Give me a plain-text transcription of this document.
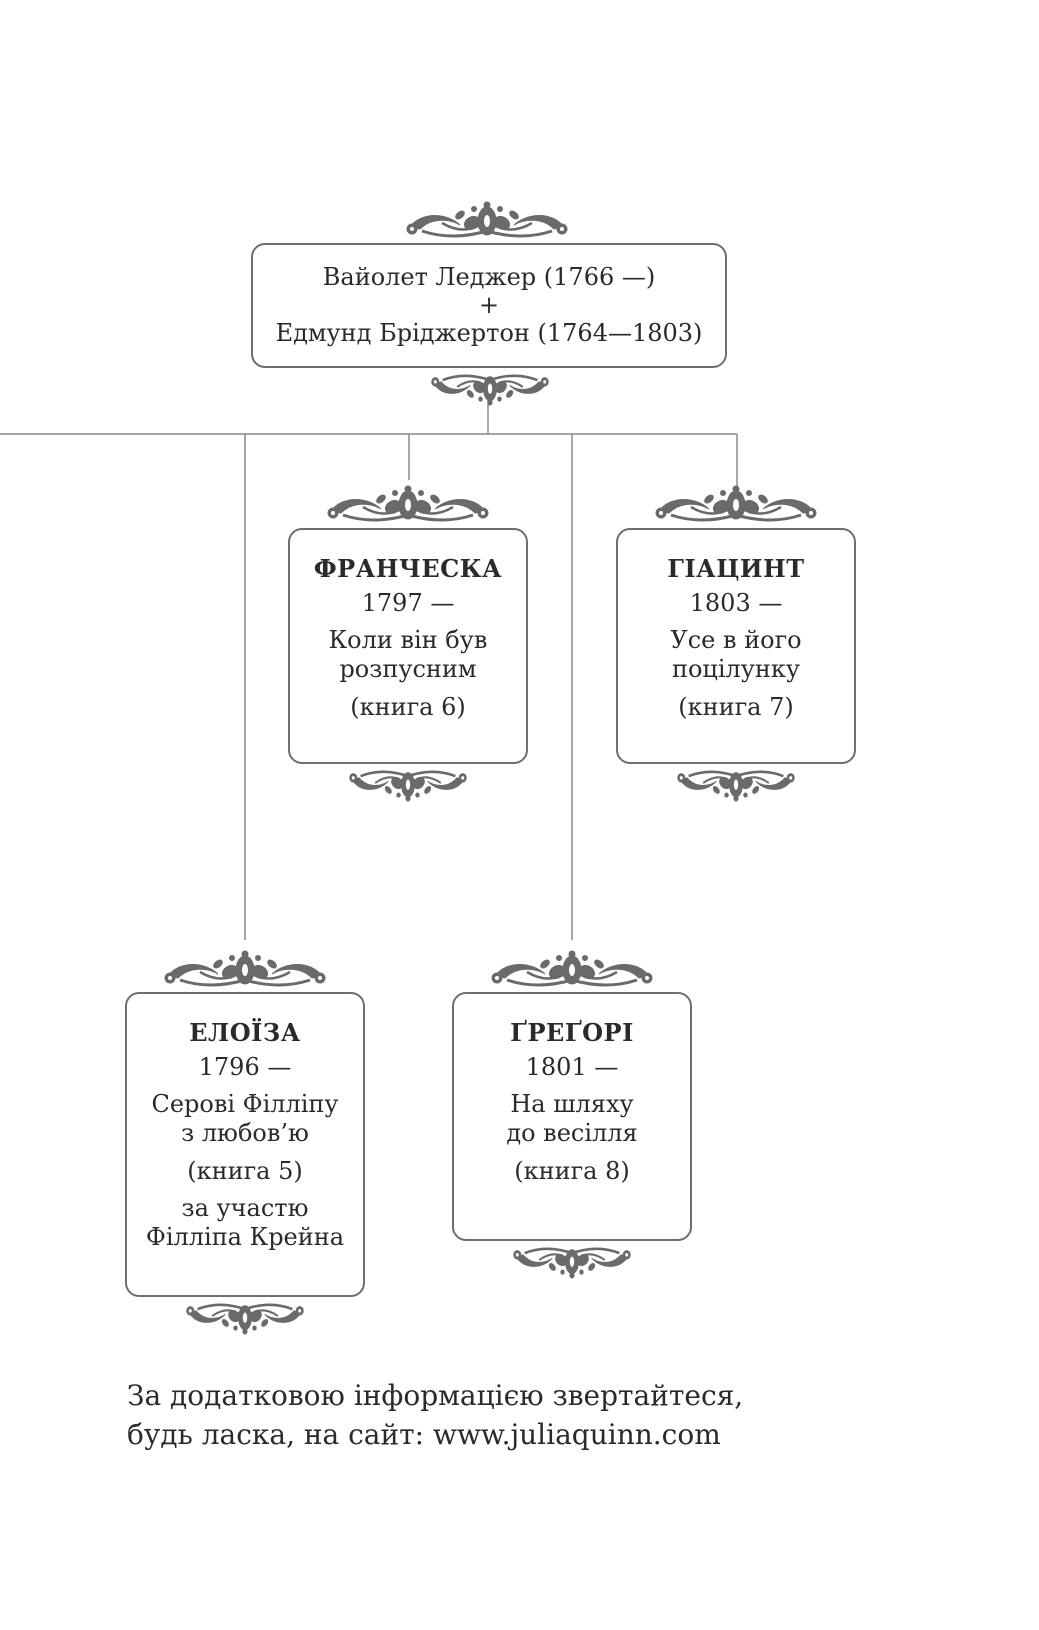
Вайолет Леджер (1766 —)
+
Едмунд Бріджертон (1764—1803)
ФРАНЧЕСКА
1797 —
Коли він був
розпусним
(книга 6)
ГІАЦИНТ
1803 —
Усе в його
поцілунку
(книга 7)
ЕЛОЇЗА
1796 —
Серові Філліпу
з любов’ю
(книга 5)
за участю
Філліпа Крейна
ҐРЕҐОРІ
1801 —
На шляху
до весілля
(книга 8)
За додатковою інформацією звертайтеся,
будь ласка, на сайт: www.juliaquinn.com
